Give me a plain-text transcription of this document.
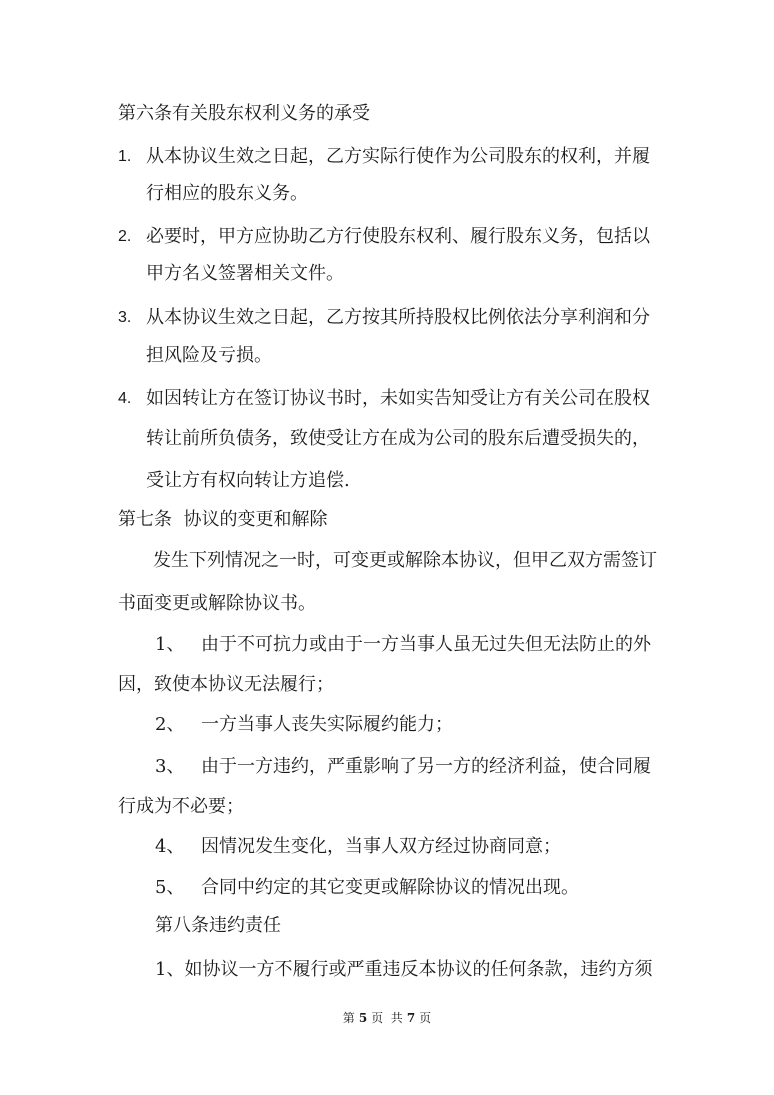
第六条有关股东权利义务的承受
1. 从本协议生效之日起，乙方实际行使作为公司股东的权利，并履
行相应的股东义务。
2. 必要时，甲方应协助乙方行使股东权利、履行股东义务，包括以
甲方名义签署相关文件。
3. 从本协议生效之日起，乙方按其所持股权比例依法分享利润和分
担风险及亏损。
4. 如因转让方在签订协议书时，未如实告知受让方有关公司在股权
转让前所负债务，致使受让方在成为公司的股东后遭受损失的，
受让方有权向转让方追偿.
第七条  协议的变更和解除
发生下列情况之一时，可变更或解除本协议，但甲乙双方需签订
书面变更或解除协议书。
1、 由于不可抗力或由于一方当事人虽无过失但无法防止的外
因，致使本协议无法履行；
2、 一方当事人丧失实际履约能力；
3、 由于一方违约，严重影响了另一方的经济利益，使合同履
行成为不必要；
4、 因情况发生变化，当事人双方经过协商同意；
5、 合同中约定的其它变更或解除协议的情况出现。
第八条违约责任
1、如协议一方不履行或严重违反本协议的任何条款，违约方须
第 5 页  共 7 页
